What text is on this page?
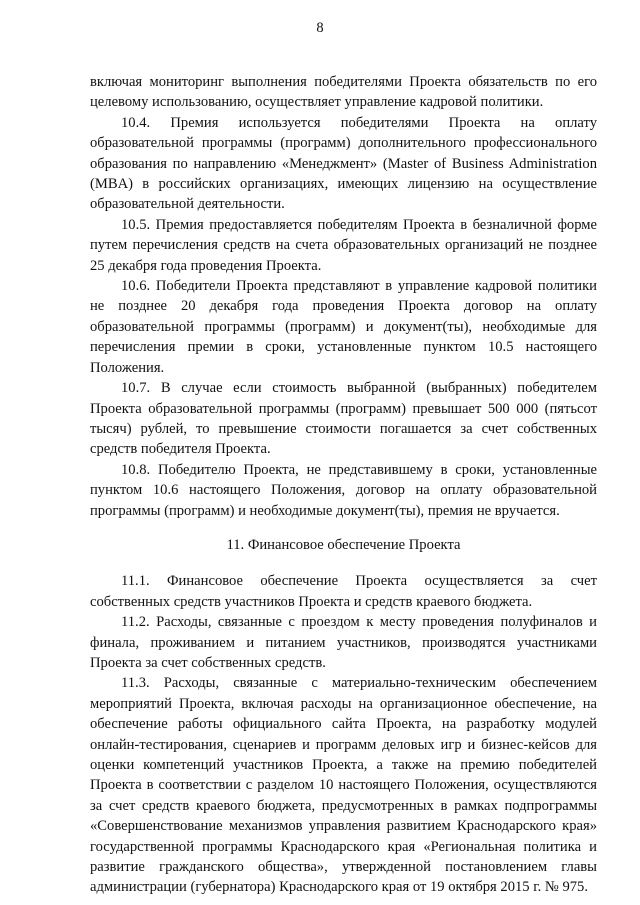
8

включая мониторинг выполнения победителями Проекта обязательств по его целевому использованию, осуществляет управление кадровой политики.

10.4. Премия используется победителями Проекта на оплату образовательной программы (программ) дополнительного профессионального образования по направлению «Менеджмент» (Master of Business Administration (MBA) в российских организациях, имеющих лицензию на осуществление образовательной деятельности.

10.5. Премия предоставляется победителям Проекта в безналичной форме путем перечисления средств на счета образовательных организаций не позднее 25 декабря года проведения Проекта.

10.6. Победители Проекта представляют в управление кадровой политики не позднее 20 декабря года проведения Проекта договор на оплату образовательной программы (программ) и документ(ты), необходимые для перечисления премии в сроки, установленные пунктом 10.5 настоящего Положения.

10.7. В случае если стоимость выбранной (выбранных) победителем Проекта образовательной программы (программ) превышает 500 000 (пятьсот тысяч) рублей, то превышение стоимости погашается за счет собственных средств победителя Проекта.

10.8. Победителю Проекта, не представившему в сроки, установленные пунктом 10.6 настоящего Положения, договор на оплату образовательной программы (программ) и необходимые документ(ты), премия не вручается.

11. Финансовое обеспечение Проекта

11.1. Финансовое обеспечение Проекта осуществляется за счет собственных средств участников Проекта и средств краевого бюджета.

11.2. Расходы, связанные с проездом к месту проведения полуфиналов и финала, проживанием и питанием участников, производятся участниками Проекта за счет собственных средств.

11.3. Расходы, связанные с материально-техническим обеспечением мероприятий Проекта, включая расходы на организационное обеспечение, на обеспечение работы официального сайта Проекта, на разработку модулей онлайн-тестирования, сценариев и программ деловых игр и бизнес-кейсов для оценки компетенций участников Проекта, а также на премию победителей Проекта в соответствии с разделом 10 настоящего Положения, осуществляются за счет средств краевого бюджета, предусмотренных в рамках подпрограммы «Совершенствование механизмов управления развитием Краснодарского края» государственной программы Краснодарского края «Региональная политика и развитие гражданского общества», утвержденной постановлением главы администрации (губернатора) Краснодарского края от 19 октября 2015 г. № 975.
